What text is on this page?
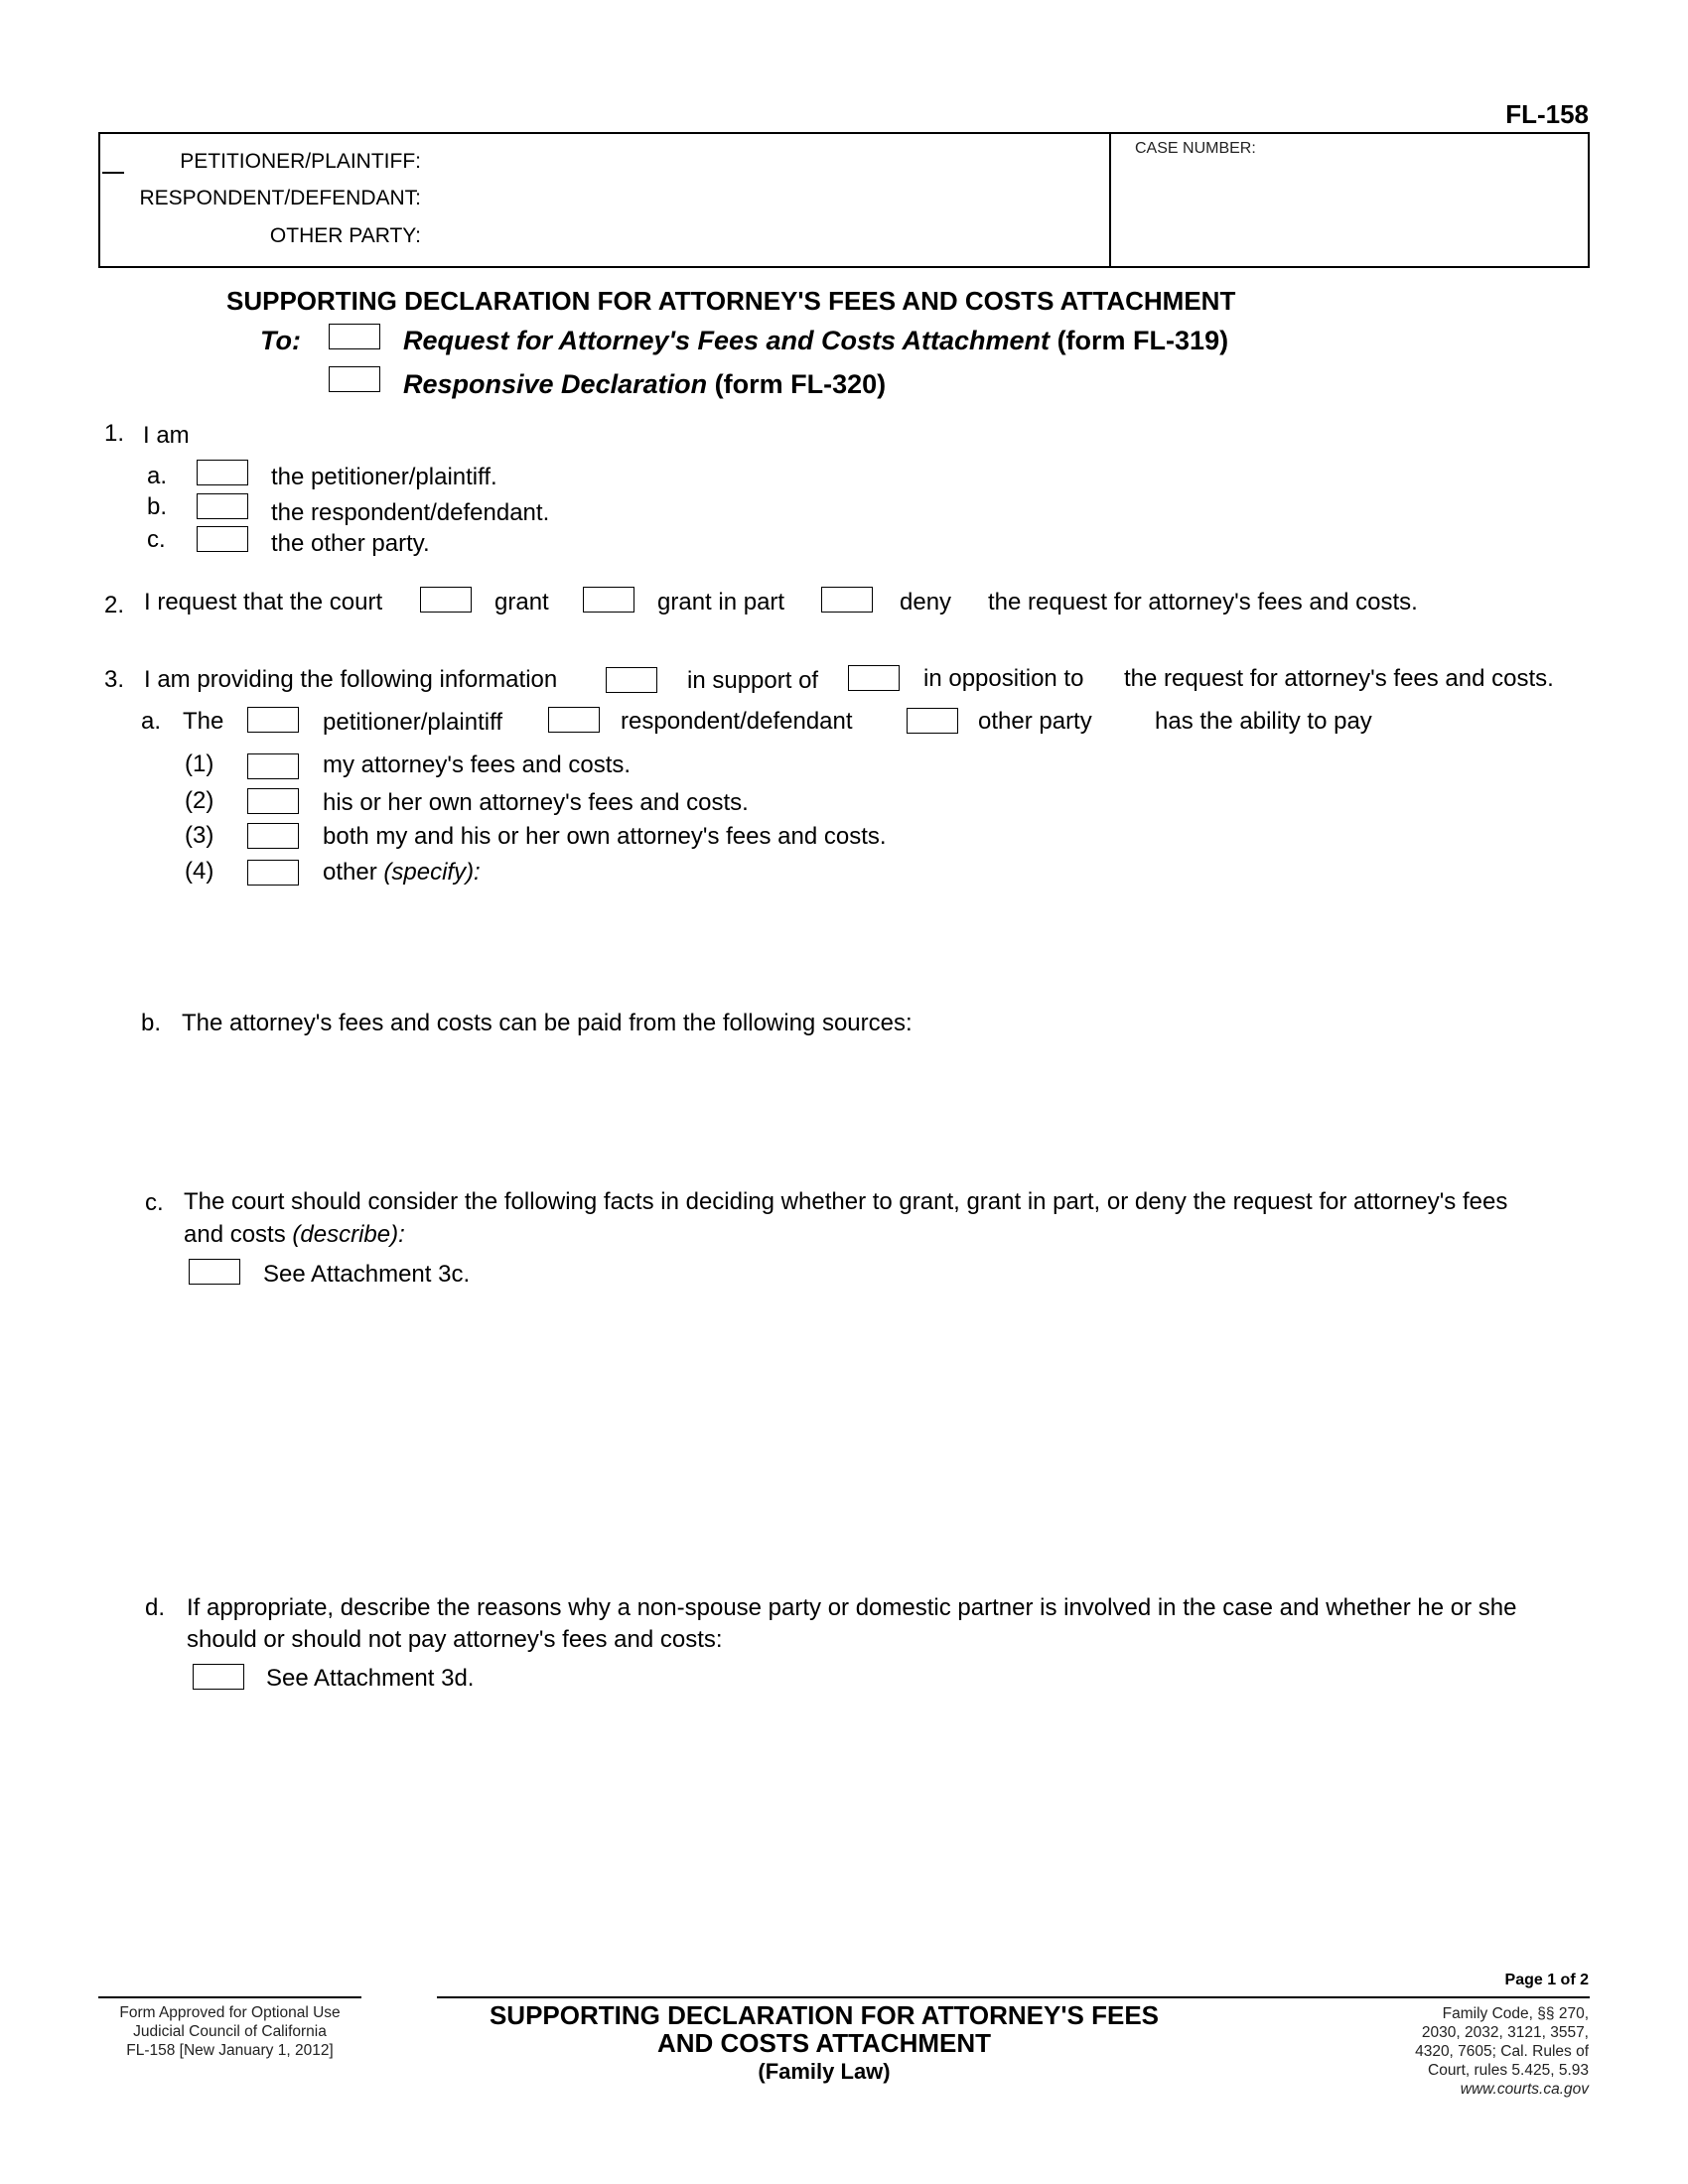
FL-158
PETITIONER/PLAINTIFF:
RESPONDENT/DEFENDANT:
OTHER PARTY:
CASE NUMBER:
SUPPORTING DECLARATION FOR ATTORNEY'S FEES AND COSTS ATTACHMENT
To:	Request for Attorney's Fees and Costs Attachment (form FL-319)
Responsive Declaration (form FL-320)
1. I am
a.	the petitioner/plaintiff.
b.	the respondent/defendant.
c.	the other party.
2. I request that the court	grant	grant in part	deny the request for attorney's fees and costs.
3. I am providing the following information	in support of	in opposition to the request for attorney's fees and costs.
a. The	petitioner/plaintiff	respondent/defendant	other party	has the ability to pay
(1)	my attorney's fees and costs.
(2)	his or her own attorney's fees and costs.
(3)	both my and his or her own attorney's fees and costs.
(4)	other (specify):
b. The attorney's fees and costs can be paid from the following sources:
c. The court should consider the following facts in deciding whether to grant, grant in part, or deny the request for attorney's fees
and costs (describe):
See Attachment 3c.
d. If appropriate, describe the reasons why a non-spouse party or domestic partner is involved in the case and whether he or she
should or should not pay attorney's fees and costs:
See Attachment 3d.
Page 1 of 2
Form Approved for Optional Use
Judicial Council of California
FL-158 [New January 1, 2012]
SUPPORTING DECLARATION FOR ATTORNEY'S FEES
AND COSTS ATTACHMENT
(Family Law)
Family Code, §§ 270,
2030, 2032, 3121, 3557,
4320, 7605; Cal. Rules of
Court, rules 5.425, 5.93
www.courts.ca.gov
